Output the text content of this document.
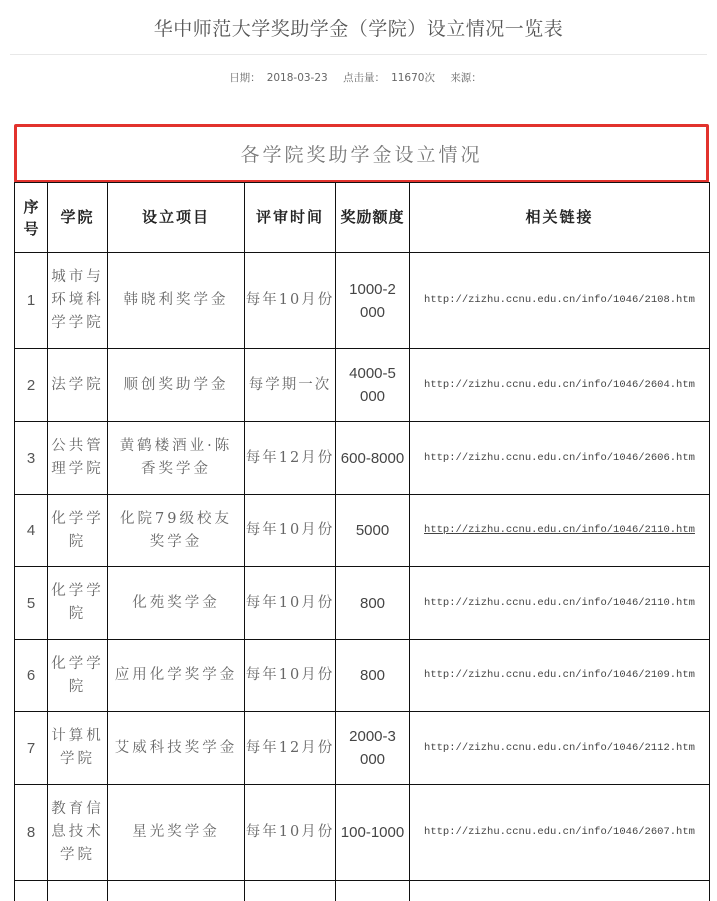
华中师范大学奖助学金（学院）设立情况一览表
日期： 2018-03-23 点击量： 11670次 来源：
各学院奖助学金设立情况
序号	学院	设立项目	评审时间	奖励额度	相关链接
1	城市与环境科学学院	韩晓利奖学金	每年10月份	1000-2000	http://zizhu.ccnu.edu.cn/info/1046/2108.htm
2	法学院	顺创奖助学金	每学期一次	4000-5000	http://zizhu.ccnu.edu.cn/info/1046/2604.htm
3	公共管理学院	黄鹤楼酒业·陈香奖学金	每年12月份	600-8000	http://zizhu.ccnu.edu.cn/info/1046/2606.htm
4	化学学院	化院79级校友奖学金	每年10月份	5000	http://zizhu.ccnu.edu.cn/info/1046/2110.htm
5	化学学院	化苑奖学金	每年10月份	800	http://zizhu.ccnu.edu.cn/info/1046/2110.htm
6	化学学院	应用化学奖学金	每年10月份	800	http://zizhu.ccnu.edu.cn/info/1046/2109.htm
7	计算机学院	艾威科技奖学金	每年12月份	2000-3000	http://zizhu.ccnu.edu.cn/info/1046/2112.htm
8	教育信息技术学院	星光奖学金	每年10月份	100-1000	http://zizhu.ccnu.edu.cn/info/1046/2607.htm
